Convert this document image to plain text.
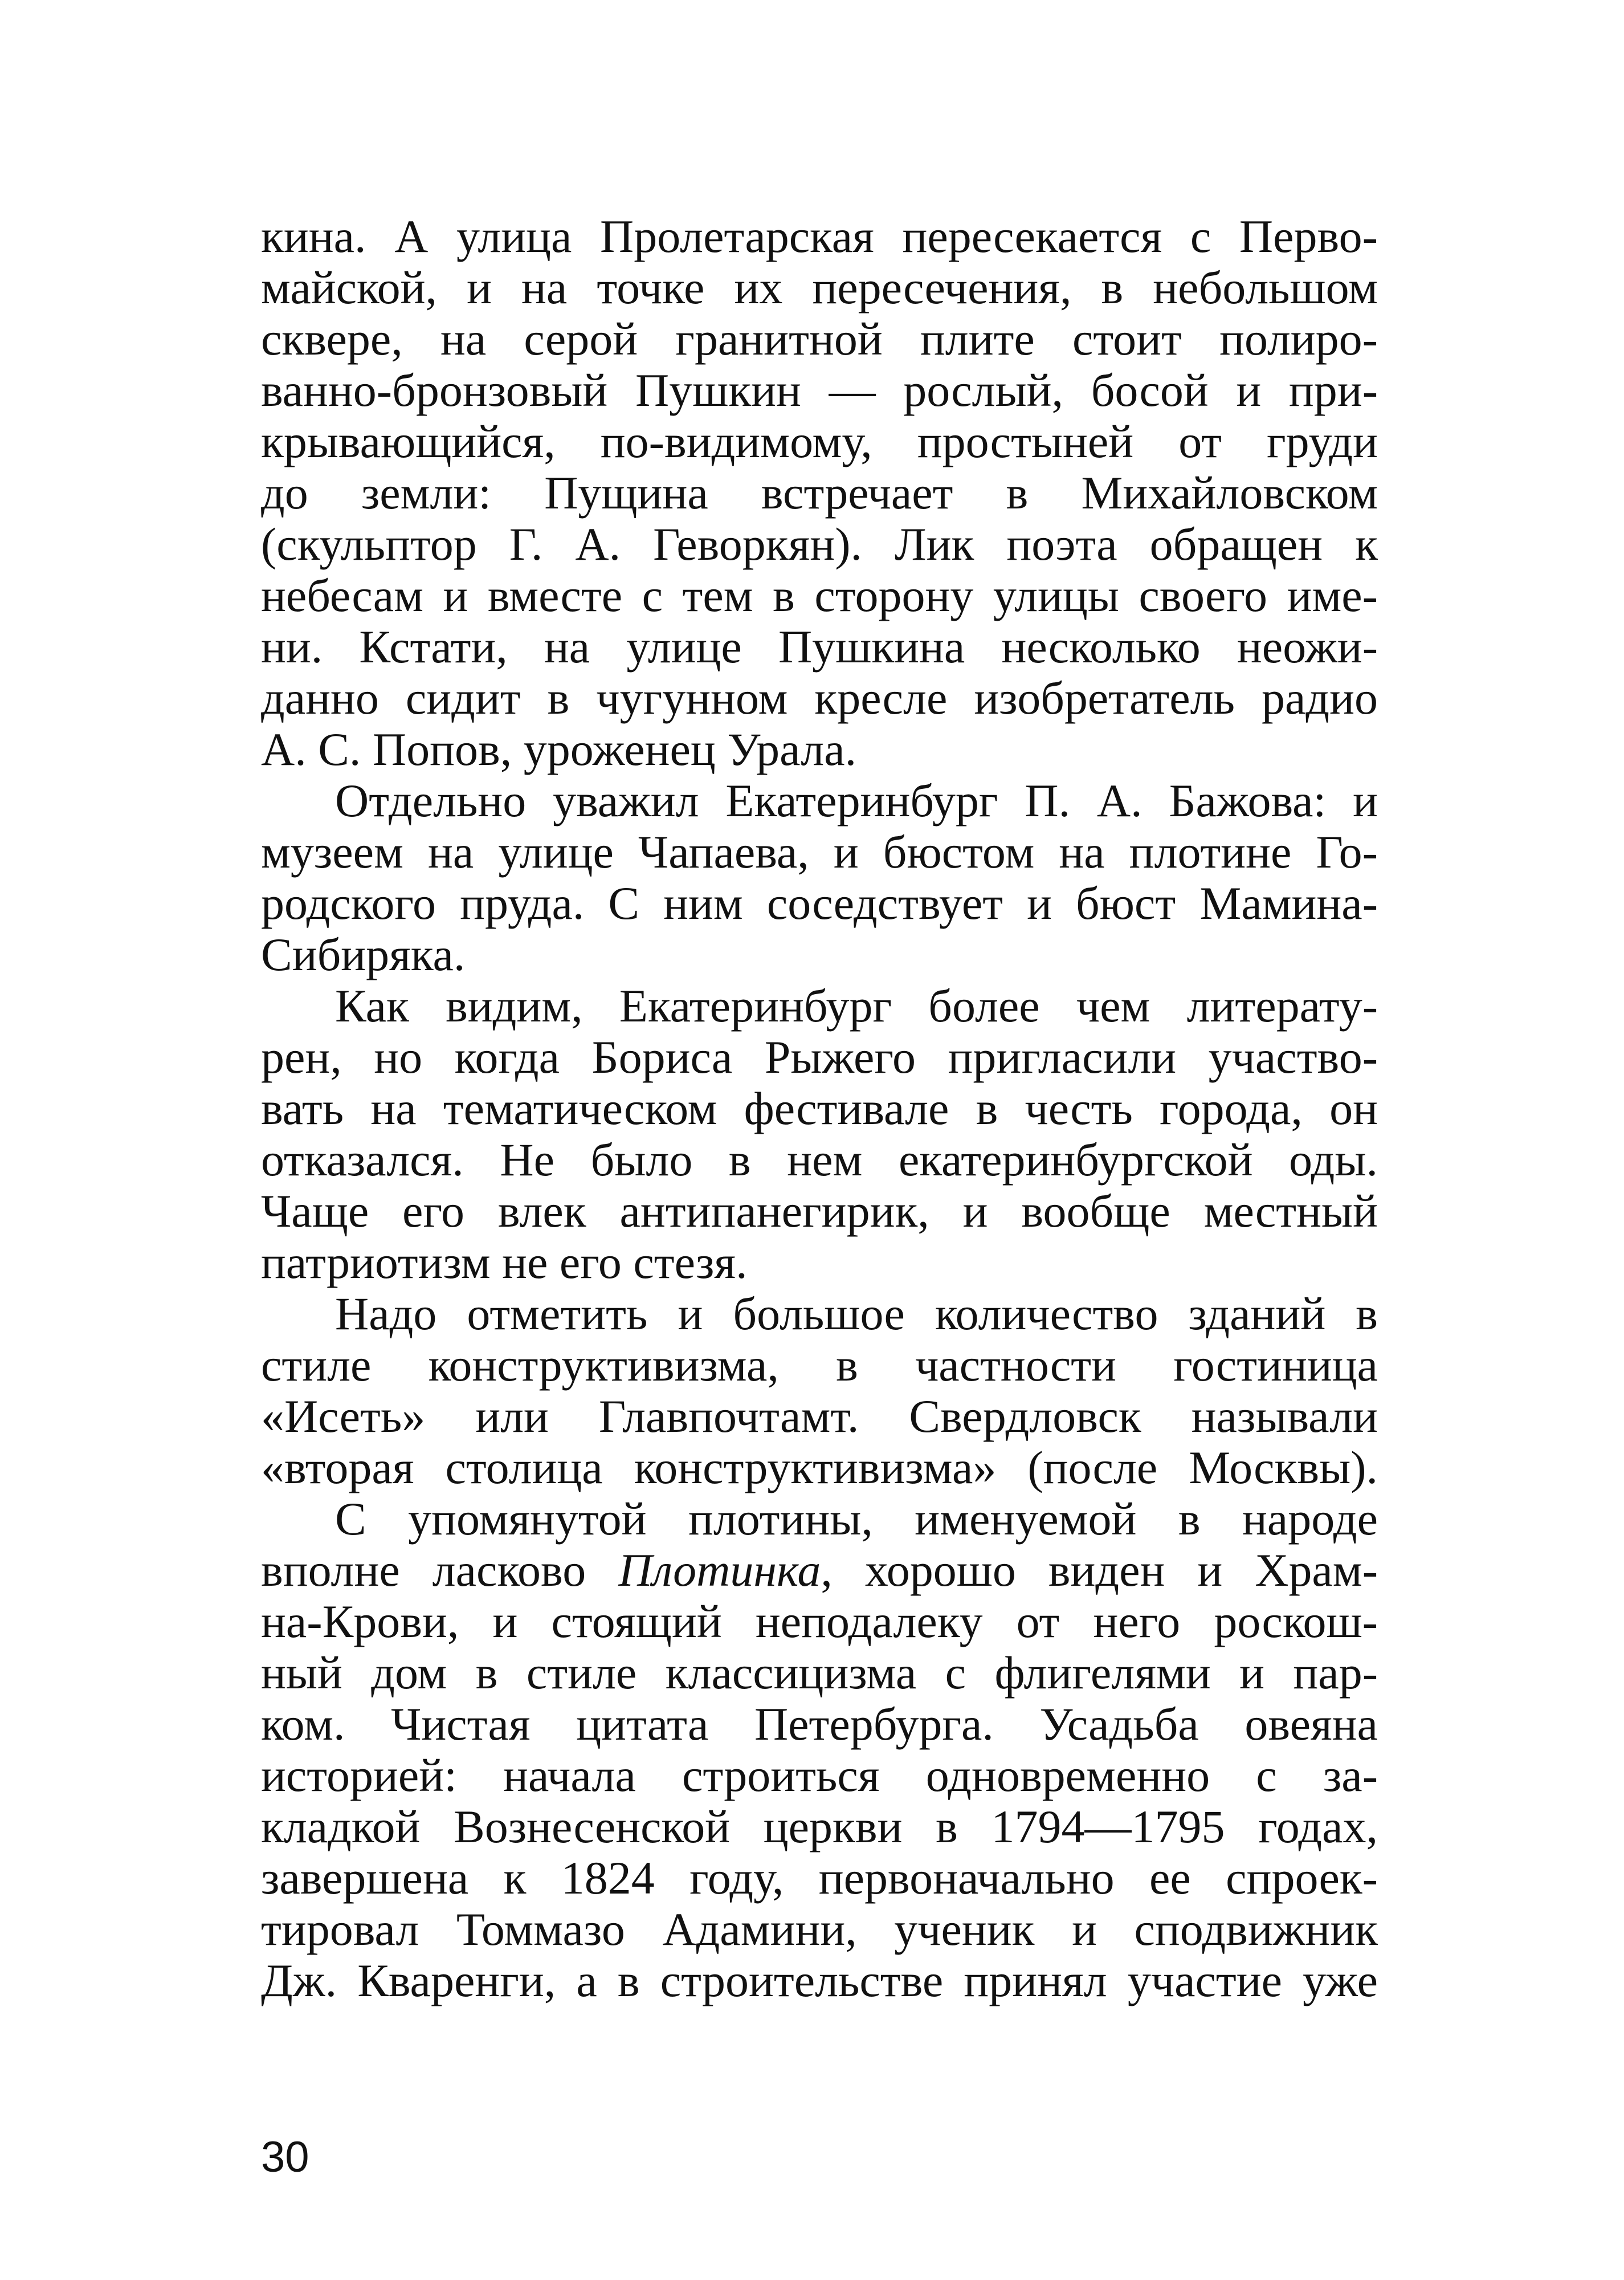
кина. А улица Пролетарская пересекается с Перво-
майской, и на точке их пересечения, в небольшом
сквере, на серой гранитной плите стоит полиро-
ванно-бронзовый Пушкин — рослый, босой и при-
крывающийся, по-видимому, простыней от груди
до земли: Пущина встречает в Михайловском
(скульптор Г. А. Геворкян). Лик поэта обращен к
небесам и вместе с тем в сторону улицы своего име-
ни. Кстати, на улице Пушкина несколько неожи-
данно сидит в чугунном кресле изобретатель радио
А. С. Попов, уроженец Урала.
Отдельно уважил Екатеринбург П. А. Бажова: и
музеем на улице Чапаева, и бюстом на плотине Го-
родского пруда. С ним соседствует и бюст Мамина-
Сибиряка.
Как видим, Екатеринбург более чем литерату-
рен, но когда Бориса Рыжего пригласили участво-
вать на тематическом фестивале в честь города, он
отказался. Не было в нем екатеринбургской оды.
Чаще его влек антипанегирик, и вообще местный
патриотизм не его стезя.
Надо отметить и большое количество зданий в
стиле конструктивизма, в частности гостиница
«Исеть» или Главпочтамт. Свердловск называли
«вторая столица конструктивизма» (после Москвы).
С упомянутой плотины, именуемой в народе
вполне ласково Плотинка, хорошо виден и Храм-
на-Крови, и стоящий неподалеку от него роскош-
ный дом в стиле классицизма с флигелями и пар-
ком. Чистая цитата Петербурга. Усадьба овеяна
историей: начала строиться одновременно с за-
кладкой Вознесенской церкви в 1794—1795 годах,
завершена к 1824 году, первоначально ее спроек-
тировал Томмазо Адамини, ученик и сподвижник
Дж. Кваренги, а в строительстве принял участие уже
30
